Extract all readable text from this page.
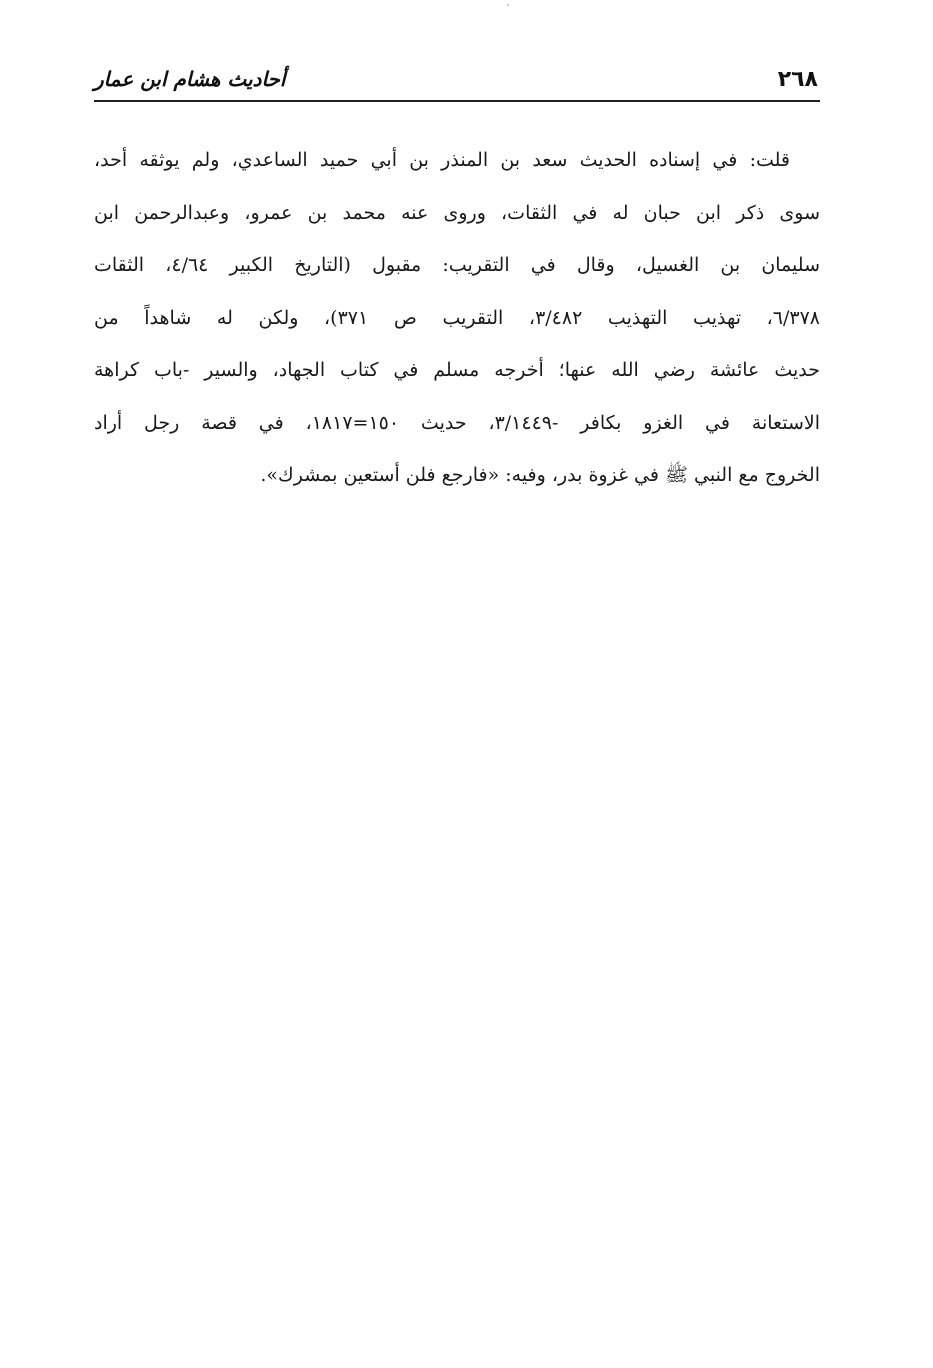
٢٦٨
أحاديث هشام ابن عمار
قلت: في إسناده الحديث سعد بن المنذر بن أبي حميد الساعدي، ولم يوثقه أحد،
سوى ذكر ابن حبان له في الثقات، وروى عنه محمد بن عمرو، وعبدالرحمن ابن
سليمان بن الغسيل، وقال في التقريب: مقبول (التاريخ الكبير ٤/٦٤، الثقات
٦/٣٧٨، تهذيب التهذيب ٣/٤٨٢، التقريب ص ٣٧١)، ولكن له شاهداً من
حديث عائشة رضي الله عنها؛ أخرجه مسلم في كتاب الجهاد، والسير -باب كراهة
الاستعانة في الغزو بكافر -٣/١٤٤٩، حديث ١٥٠=١٨١٧، في قصة رجل أراد
الخروج مع النبي ﷺ في غزوة بدر، وفيه: «فارجع فلن أستعين بمشرك».
